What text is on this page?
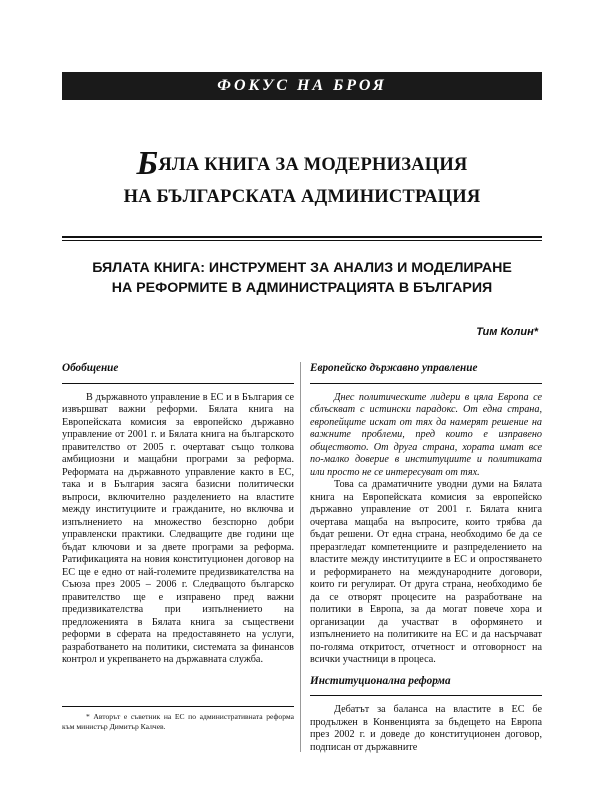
ФОКУС НА БРОЯ
БЯЛА КНИГА ЗА МОДЕРНИЗАЦИЯ
НА БЪЛГАРСКАТА АДМИНИСТРАЦИЯ
БЯЛАТА КНИГА: ИНСТРУМЕНТ ЗА АНАЛИЗ И МОДЕЛИРАНЕ
НА РЕФОРМИТЕ В АДМИНИСТРАЦИЯТА В БЪЛГАРИЯ
Тим Колин*
Обобщение

В държавното управление в ЕС и в България се извършват важни реформи. Бялата книга на Европейската комисия за европейско държавно управление от 2001 г. и Бялата книга на българското правителство от 2005 г. очертават също толкова амбициозни и мащабни програми за реформа. Реформата на държавното управление както в ЕС, така и в България засяга базисни политически въпроси, включително разделението на властите между институциите и гражданите, но включва и изпълнението на множество безспорно добри управленски практики. Следващите две години ще бъдат ключови и за двете програми за реформа. Ратификацията на новия конституционен договор на ЕС ще е едно от най-големите предизвикателства на Съюза през 2005 – 2006 г. Следващото българско правителство ще е изправено пред важни предизвикателства при изпълнението на предложенията в Бялата книга за съществени реформи в сферата на предоставянето на услуги, разработването на политики, системата за финансов контрол и укрепването на държавната служба.

Европейско държавно управление

Днес политическите лидери в цяла Европа се сблъскват с истински парадокс. От една страна, европейците искат от тях да намерят решение на важните проблеми, пред които е изправено обществото. От друга страна, хората имат все по-малко доверие в институциите и политиката или просто не се интересуват от тях.

Това са драматичните уводни думи на Бялата книга на Европейската комисия за европейско държавно управление от 2001 г. Бялата книга очертава мащаба на въпросите, които трябва да бъдат решени. От една страна, необходимо бе да се преразгледат компетенциите и разпределението на властите между институциите в ЕС и опростяването и реформирането на международните договори, които ги регулират. От друга страна, необходимо бе да се отворят процесите на разработване на политики в Европа, за да могат повече хора и организации да участват в оформянето и изпълнението на политиките на ЕС и да насърчават по-голяма откритост, отчетност и отговорност на всички участници в процеса.

Институционална реформа

Дебатът за баланса на властите в ЕС бе продължен в Конвенцията за бъдещето на Европа през 2002 г. и доведе до конституционен договор, подписан от държавните

* Авторът е съветник на ЕС по административната реформа към министър Димитър Калчев.
